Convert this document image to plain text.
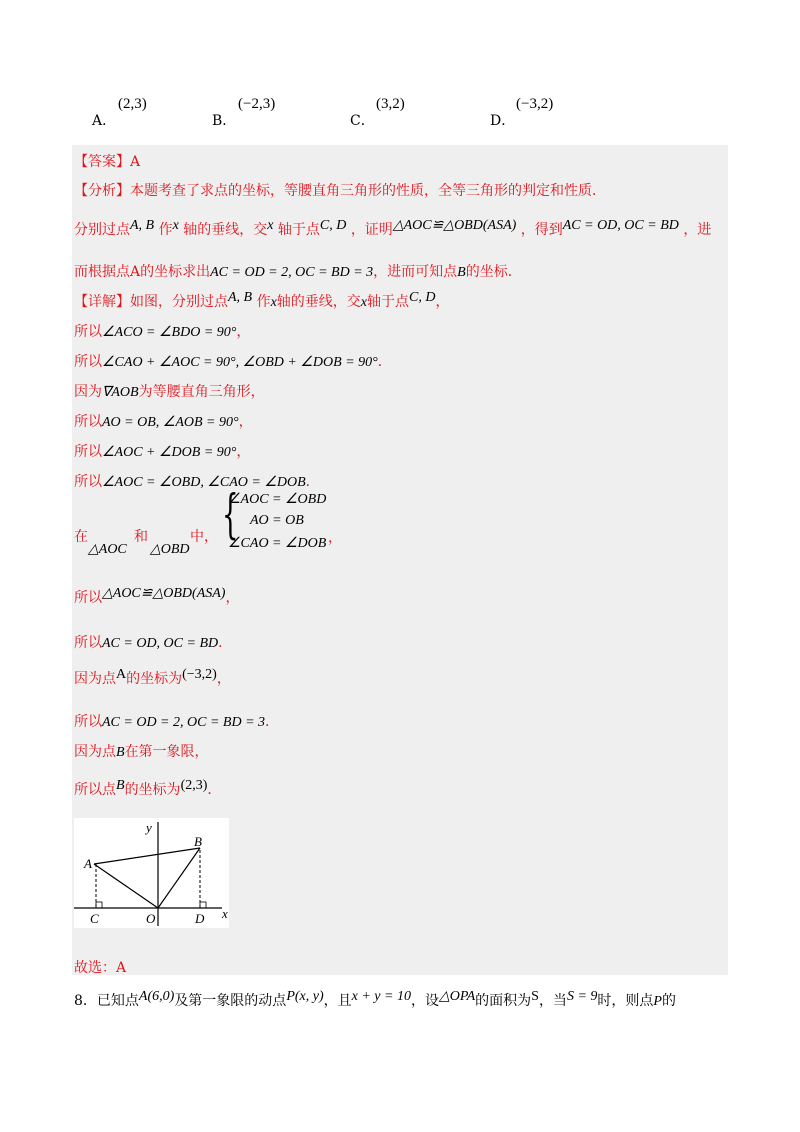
A．
(2,3)
B．
(−2,3)
C．
(3,2)
D．
(−3,2)
【答案】A
【分析】本题考查了求点的坐标，等腰直角三角形的性质，全等三角形的判定和性质．
分别过点A, B 作x 轴的垂线，交x 轴于点C, D ，证明△AOC≌△OBD(ASA) ，得到AC = OD, OC = BD ，进
而根据点A的坐标求出AC = OD = 2, OC = BD = 3，进而可知点B的坐标．
【详解】如图，分别过点A, B 作x轴的垂线，交x轴于点C, D，
所以∠ACO = ∠BDO = 90°，
所以∠CAO + ∠AOC = 90°, ∠OBD + ∠DOB = 90°．
因为∇AOB为等腰直角三角形，
所以AO = OB, ∠AOB = 90°，
所以∠AOC + ∠DOB = 90°，
所以∠AOC = ∠OBD, ∠CAO = ∠DOB．
在
△AOC
和
△OBD
中， {
∠AOC = ∠OBD
AO = OB
∠CAO = ∠DOB ，
所以△AOC≌△OBD(ASA)，
所以AC = OD, OC = BD．
因为点A的坐标为(−3,2)，
所以AC = OD = 2, OC = BD = 3．
因为点B在第一象限，
所以点B的坐标为(2,3)．
y
x
A
B
C	O	D
故选：A
8．已知点A(6,0)及第一象限的动点P(x, y)，且x + y = 10，设△OPA的面积为S，当S = 9时，则点P的
